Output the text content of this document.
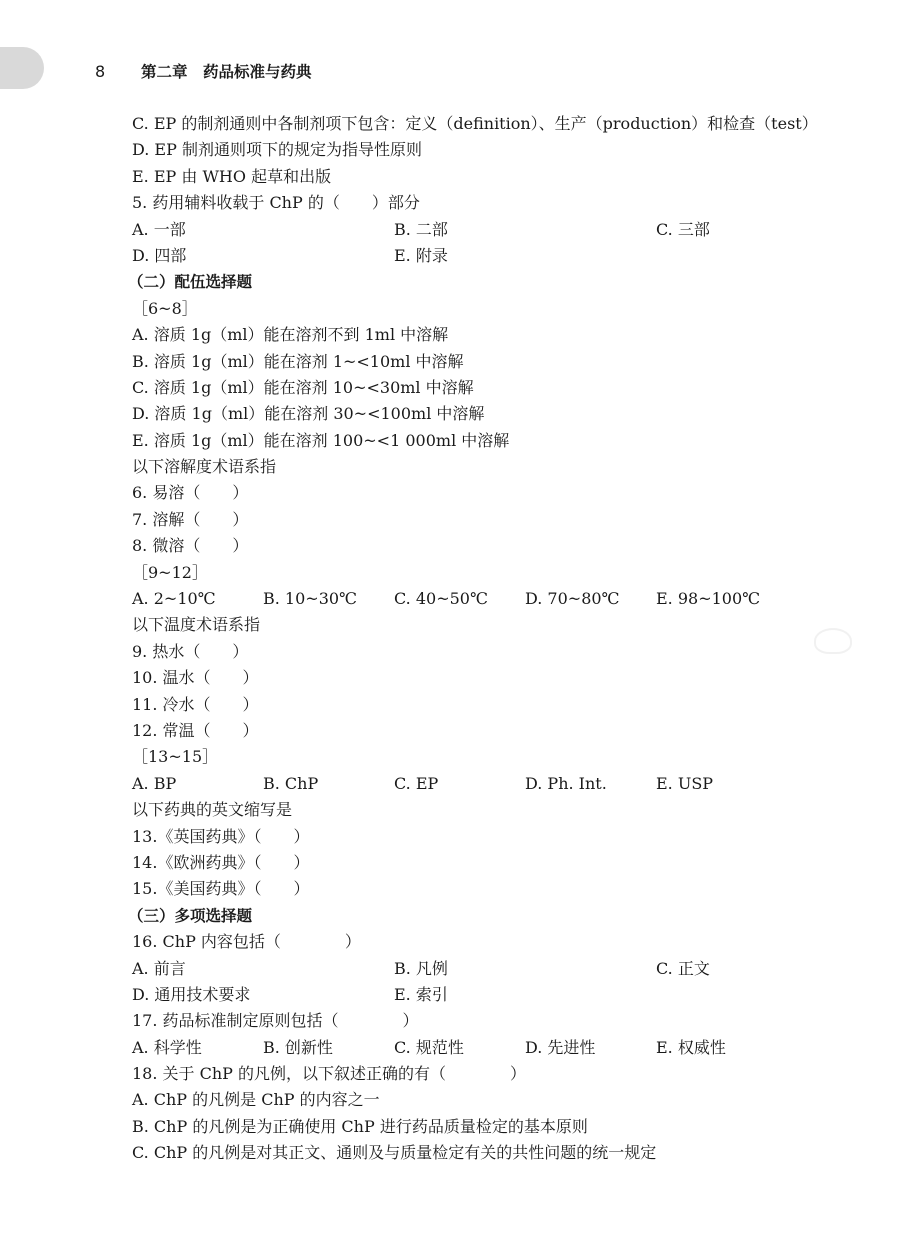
8	第二章　药品标准与药典
C. EP 的制剂通则中各制剂项下包含：定义（definition）、生产（production）和检查（test）
D. EP 制剂通则项下的规定为指导性原则
E. EP 由 WHO 起草和出版
5. 药用辅料收载于 ChP 的（　　）部分
A. 一部	B. 二部	C. 三部
D. 四部	E. 附录
（二）配伍选择题
［6~8］
A. 溶质 1g（ml）能在溶剂不到 1ml 中溶解
B. 溶质 1g（ml）能在溶剂 1~<10ml 中溶解
C. 溶质 1g（ml）能在溶剂 10~<30ml 中溶解
D. 溶质 1g（ml）能在溶剂 30~<100ml 中溶解
E. 溶质 1g（ml）能在溶剂 100~<1 000ml 中溶解
以下溶解度术语系指
6. 易溶（　　）
7. 溶解（　　）
8. 微溶（　　）
［9~12］
A. 2~10℃	B. 10~30℃	C. 40~50℃	D. 70~80℃	E. 98~100℃
以下温度术语系指
9. 热水（　　）
10. 温水（　　）
11. 冷水（　　）
12. 常温（　　）
［13~15］
A. BP	B. ChP	C. EP	D. Ph. Int.	E. USP
以下药典的英文缩写是
13.《英国药典》（　　）
14.《欧洲药典》（　　）
15.《美国药典》（　　）
（三）多项选择题
16. ChP 内容包括（　　　　）
A. 前言	B. 凡例	C. 正文
D. 通用技术要求	E. 索引
17. 药品标准制定原则包括（　　　　）
A. 科学性	B. 创新性	C. 规范性	D. 先进性	E. 权威性
18. 关于 ChP 的凡例，以下叙述正确的有（　　　　）
A. ChP 的凡例是 ChP 的内容之一
B. ChP 的凡例是为正确使用 ChP 进行药品质量检定的基本原则
C. ChP 的凡例是对其正文、通则及与质量检定有关的共性问题的统一规定
